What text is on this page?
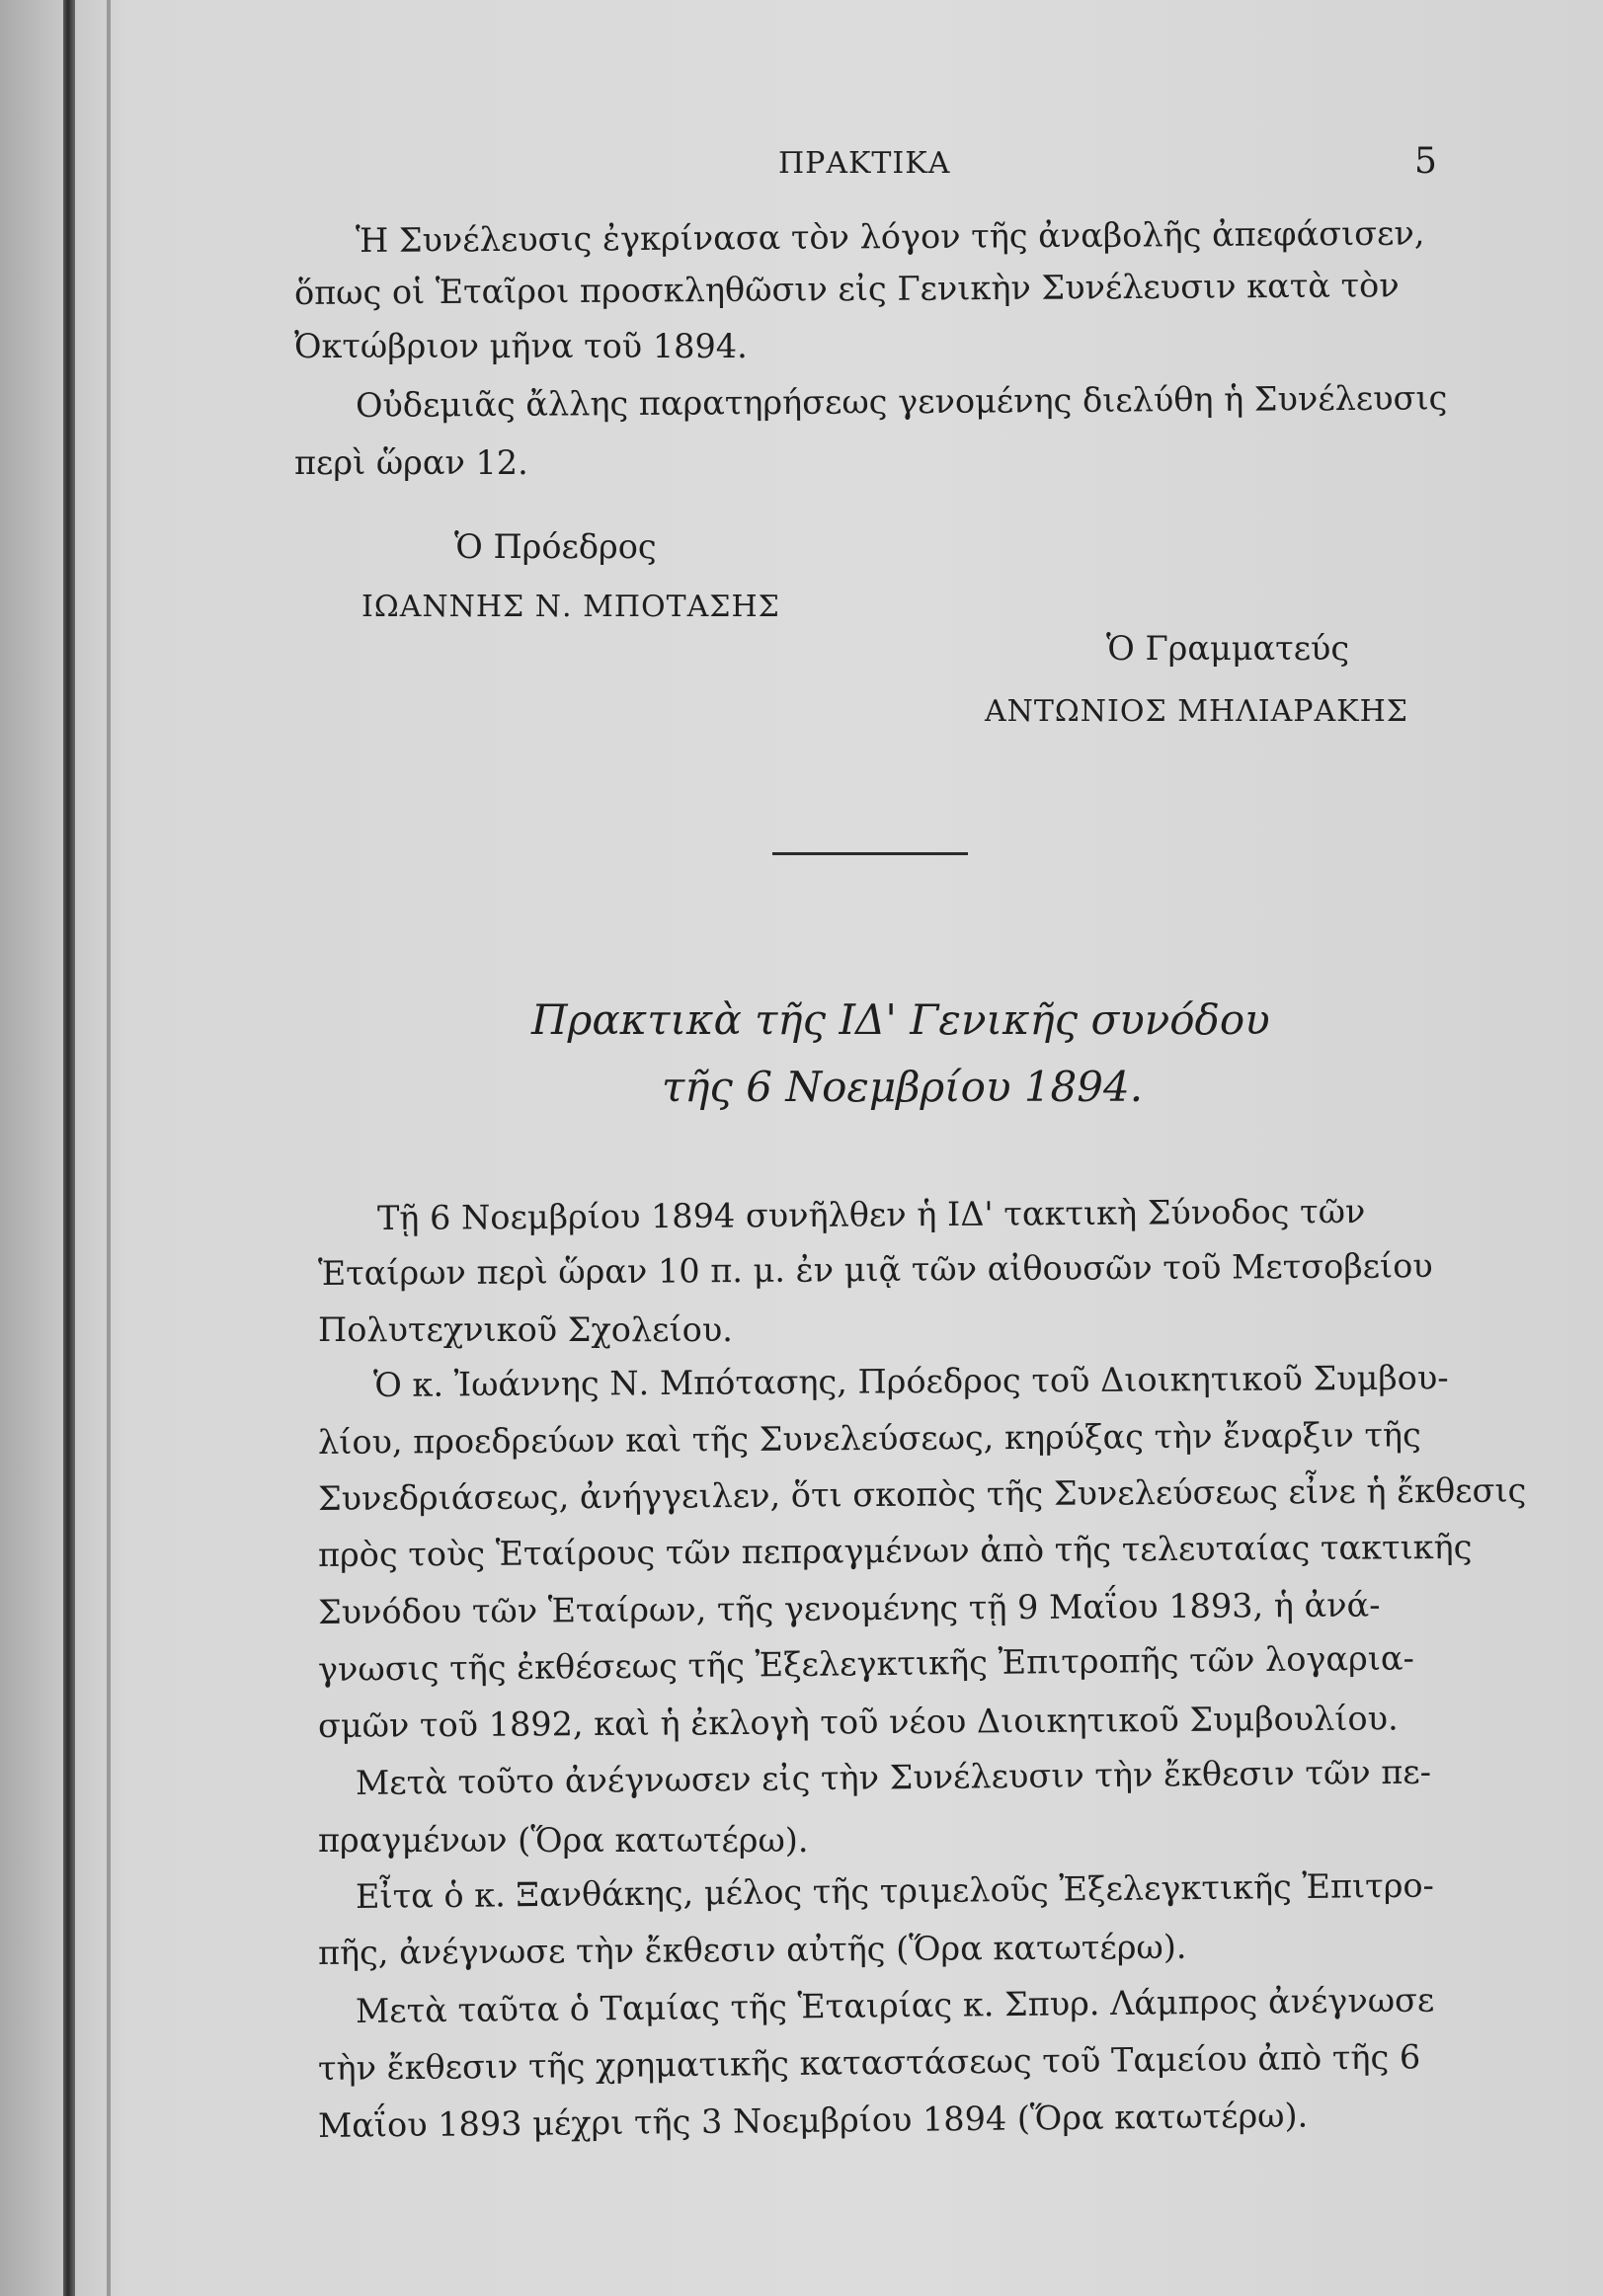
ΠΡΑΚΤΙΚΑ	5
Ἡ Συνέλευσις ἐγκρίνασα τὸν λόγον τῆς ἀναβολῆς ἀπεφάσισεν,
ὅπως οἱ Ἑταῖροι προσκληθῶσιν εἰς Γενικὴν Συνέλευσιν κατὰ τὸν
Ὀκτώβριον μῆνα τοῦ 1894.
Οὐδεμιᾶς ἄλλης παρατηρήσεως γενομένης διελύθη ἡ Συνέλευσις
περὶ ὥραν 12.
Ὁ Πρόεδρος
ΙΩΑΝΝΗΣ Ν. ΜΠΟΤΑΣΗΣ
Ὁ Γραμματεύς
ΑΝΤΩΝΙΟΣ ΜΗΛΙΑΡΑΚΗΣ
Πρακτικὰ τῆς ΙΔ' Γενικῆς συνόδου
τῆς 6 Νοεμβρίου 1894.
Τῇ 6 Νοεμβρίου 1894 συνῆλθεν ἡ ΙΔ' τακτικὴ Σύνοδος τῶν
Ἑταίρων περὶ ὥραν 10 π. μ. ἐν μιᾷ τῶν αἰθουσῶν τοῦ Μετσοβείου
Πολυτεχνικοῦ Σχολείου.
Ὁ κ. Ἰωάννης Ν. Μπότασης, Πρόεδρος τοῦ Διοικητικοῦ Συμβου-
λίου, προεδρεύων καὶ τῆς Συνελεύσεως, κηρύξας τὴν ἔναρξιν τῆς
Συνεδριάσεως, ἀνήγγειλεν, ὅτι σκοπὸς τῆς Συνελεύσεως εἶνε ἡ ἔκθεσις
πρὸς τοὺς Ἑταίρους τῶν πεπραγμένων ἀπὸ τῆς τελευταίας τακτικῆς
Συνόδου τῶν Ἑταίρων, τῆς γενομένης τῇ 9 Μαΐου 1893, ἡ ἀνά-
γνωσις τῆς ἐκθέσεως τῆς Ἐξελεγκτικῆς Ἐπιτροπῆς τῶν λογαρια-
σμῶν τοῦ 1892, καὶ ἡ ἐκλογὴ τοῦ νέου Διοικητικοῦ Συμβουλίου.
Μετὰ τοῦτο ἀνέγνωσεν εἰς τὴν Συνέλευσιν τὴν ἔκθεσιν τῶν πε-
πραγμένων (Ὅρα κατωτέρω).
Εἶτα ὁ κ. Ξανθάκης, μέλος τῆς τριμελοῦς Ἐξελεγκτικῆς Ἐπιτρο-
πῆς, ἀνέγνωσε τὴν ἔκθεσιν αὐτῆς (Ὅρα κατωτέρω).
Μετὰ ταῦτα ὁ Ταμίας τῆς Ἑταιρίας κ. Σπυρ. Λάμπρος ἀνέγνωσε
τὴν ἔκθεσιν τῆς χρηματικῆς καταστάσεως τοῦ Ταμείου ἀπὸ τῆς 6
Μαΐου 1893 μέχρι τῆς 3 Νοεμβρίου 1894 (Ὅρα κατωτέρω).
